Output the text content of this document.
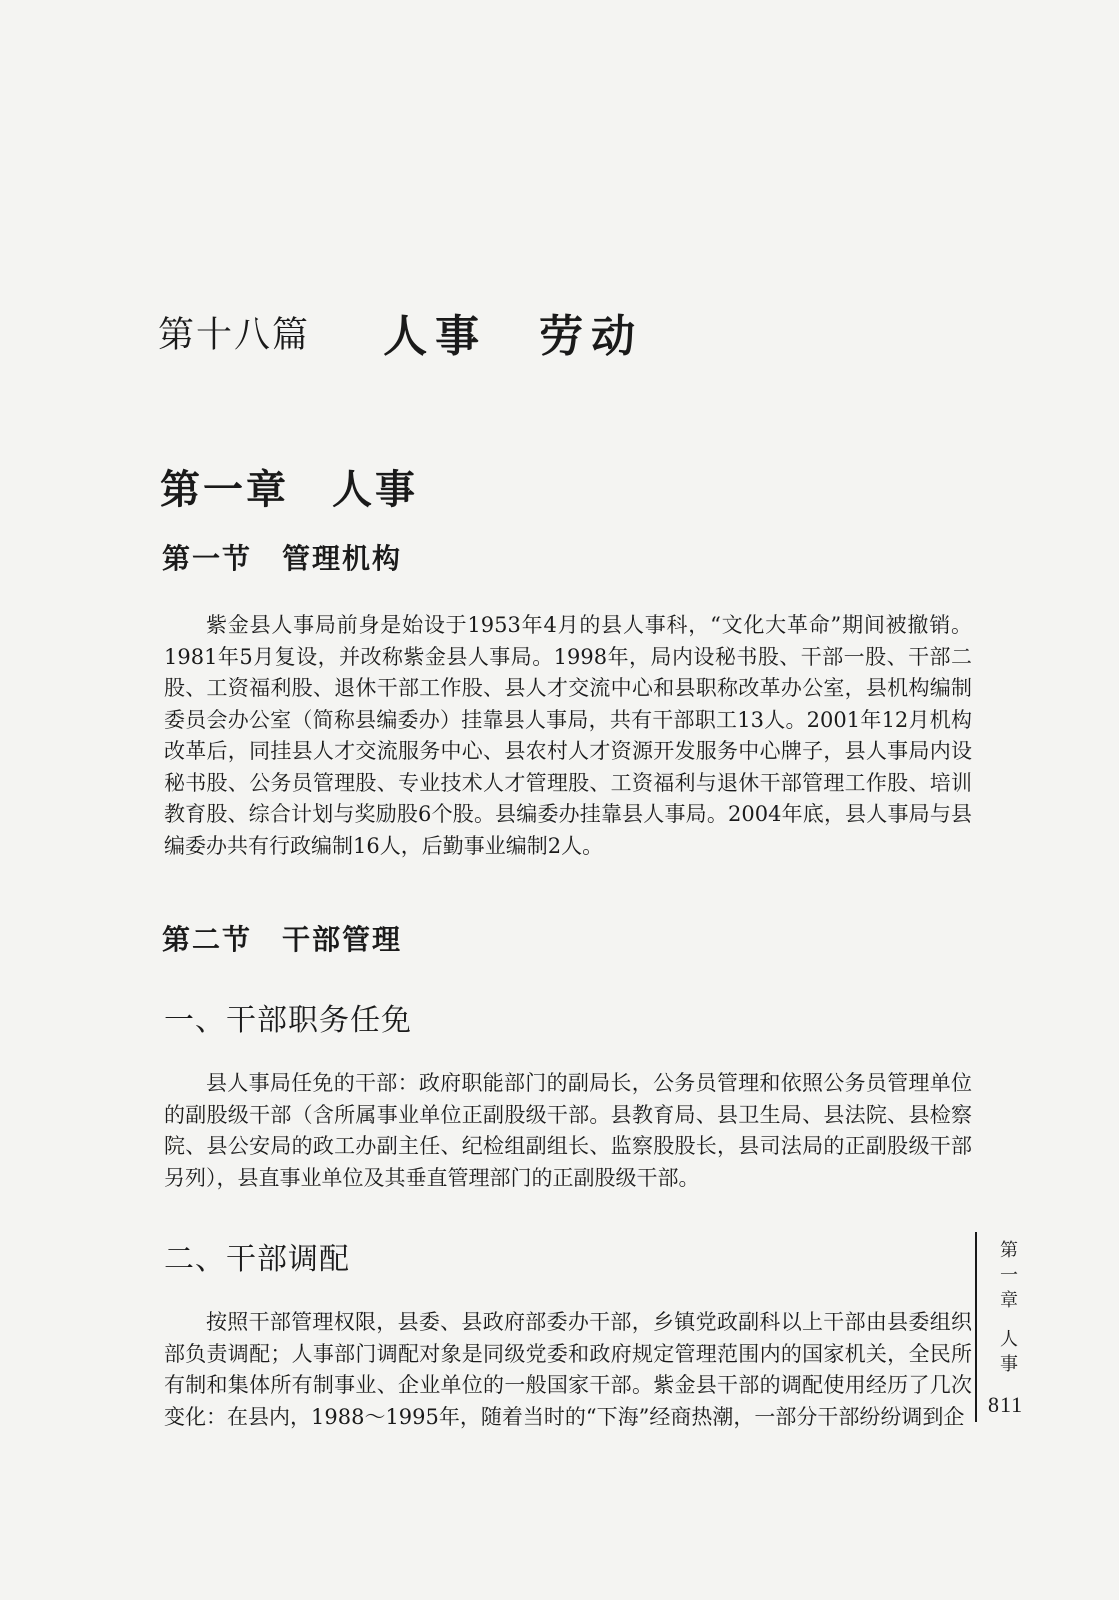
第十八篇 人事　劳动
第一章　人事
第一节　管理机构

紫金县人事局前身是始设于1953年4月的县人事科，“文化大革命”期间被撤销。1981年5月复设，并改称紫金县人事局。1998年，局内设秘书股、干部一股、干部二股、工资福利股、退休干部工作股、县人才交流中心和县职称改革办公室，县机构编制委员会办公室（简称县编委办）挂靠县人事局，共有干部职工13人。2001年12月机构改革后，同挂县人才交流服务中心、县农村人才资源开发服务中心牌子，县人事局内设秘书股、公务员管理股、专业技术人才管理股、工资福利与退休干部管理工作股、培训教育股、综合计划与奖励股6个股。县编委办挂靠县人事局。2004年底，县人事局与县编委办共有行政编制16人，后勤事业编制2人。

第二节　干部管理
一、干部职务任免

县人事局任免的干部：政府职能部门的副局长，公务员管理和依照公务员管理单位的副股级干部（含所属事业单位正副股级干部。县教育局、县卫生局、县法院、县检察院、县公安局的政工办副主任、纪检组副组长、监察股股长，县司法局的正副股级干部另列），县直事业单位及其垂直管理部门的正副股级干部。

二、干部调配

按照干部管理权限，县委、县政府部委办干部，乡镇党政副科以上干部由县委组织部负责调配；人事部门调配对象是同级党委和政府规定管理范围内的国家机关，全民所有制和集体所有制事业、企业单位的一般国家干部。紫金县干部的调配使用经历了几次变化：在县内，1988～1995年，随着当时的“下海”经商热潮，一部分干部纷纷调到企

第一章
人事
811
